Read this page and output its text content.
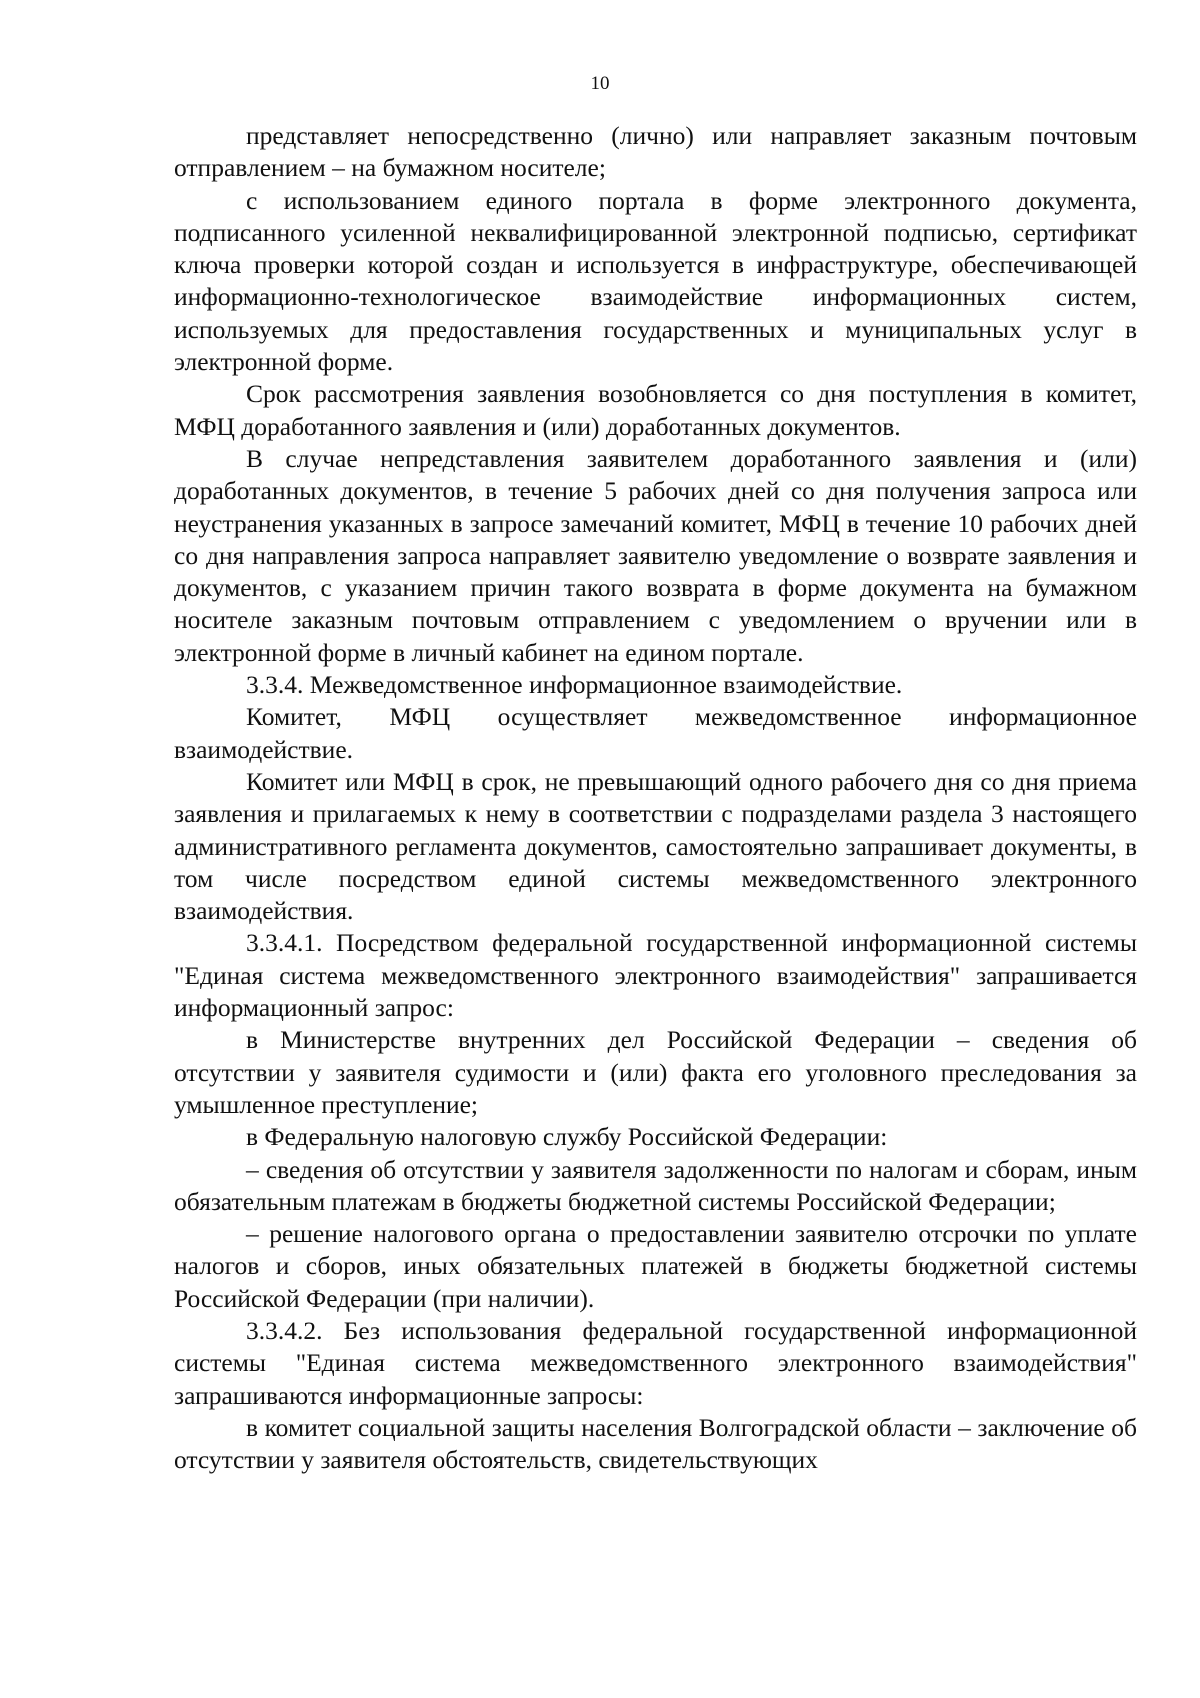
10

представляет непосредственно (лично) или направляет заказным почтовым отправлением – на бумажном носителе;

с использованием единого портала в форме электронного документа, подписанного усиленной неквалифицированной электронной подписью, сертификат ключа проверки которой создан и используется в инфраструктуре, обеспечивающей информационно-технологическое взаимодействие информационных систем, используемых для предоставления государственных и муниципальных услуг в электронной форме.

Срок рассмотрения заявления возобновляется со дня поступления в комитет, МФЦ доработанного заявления и (или) доработанных документов.

В случае непредставления заявителем доработанного заявления и (или) доработанных документов, в течение 5 рабочих дней со дня получения запроса или неустранения указанных в запросе замечаний комитет, МФЦ в течение 10 рабочих дней со дня направления запроса направляет заявителю уведомление о возврате заявления и документов, с указанием причин такого возврата в форме документа на бумажном носителе заказным почтовым отправлением с уведомлением о вручении или в электронной форме в личный кабинет на едином портале.

3.3.4. Межведомственное информационное взаимодействие.

Комитет, МФЦ осуществляет межведомственное информационное взаимодействие.

Комитет или МФЦ в срок, не превышающий одного рабочего дня со дня приема заявления и прилагаемых к нему в соответствии с подразделами раздела 3 настоящего административного регламента документов, самостоятельно запрашивает документы, в том числе посредством единой системы межведомственного электронного взаимодействия.

3.3.4.1. Посредством федеральной государственной информационной системы "Единая система межведомственного электронного взаимодействия" запрашивается информационный запрос:

в Министерстве внутренних дел Российской Федерации – сведения об отсутствии у заявителя судимости и (или) факта его уголовного преследования за умышленное преступление;

в Федеральную налоговую службу Российской Федерации:

– сведения об отсутствии у заявителя задолженности по налогам и сборам, иным обязательным платежам в бюджеты бюджетной системы Российской Федерации;

– решение налогового органа о предоставлении заявителю отсрочки по уплате налогов и сборов, иных обязательных платежей в бюджеты бюджетной системы Российской Федерации (при наличии).

3.3.4.2. Без использования федеральной государственной информационной системы "Единая система межведомственного электронного взаимодействия" запрашиваются информационные запросы:

в комитет социальной защиты населения Волгоградской области – заключение об отсутствии у заявителя обстоятельств, свидетельствующих
